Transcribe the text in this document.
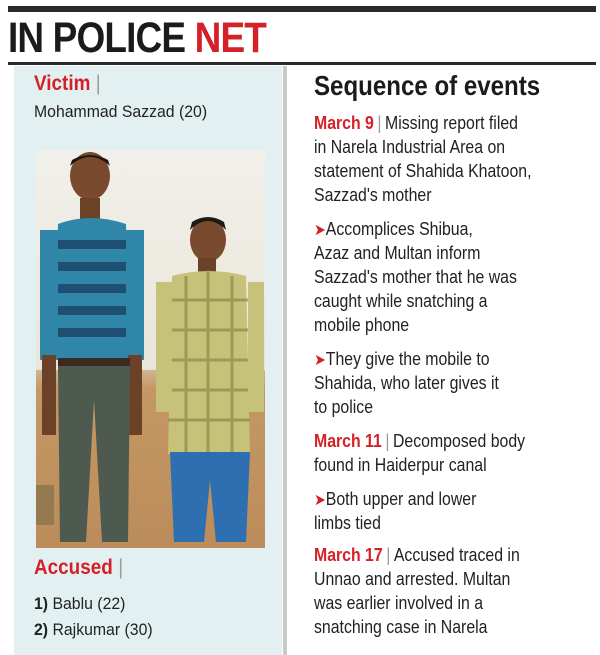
IN POLICE NET
Victim |
Mohammad Sazzad (20)
Accused |
1) Bablu (22)
2) Rajkumar (30)
Sequence of events
March 9 | Missing report filed
in Narela Industrial Area on
statement of Shahida Khatoon,
Sazzad's mother
➤Accomplices Shibua,
Azaz and Multan inform
Sazzad's mother that he was
caught while snatching a
mobile phone
➤They give the mobile to
Shahida, who later gives it
to police
March 11 | Decomposed body
found in Haiderpur canal
➤Both upper and lower
limbs tied
March 17 | Accused traced in
Unnao and arrested. Multan
was earlier involved in a
snatching case in Narela
